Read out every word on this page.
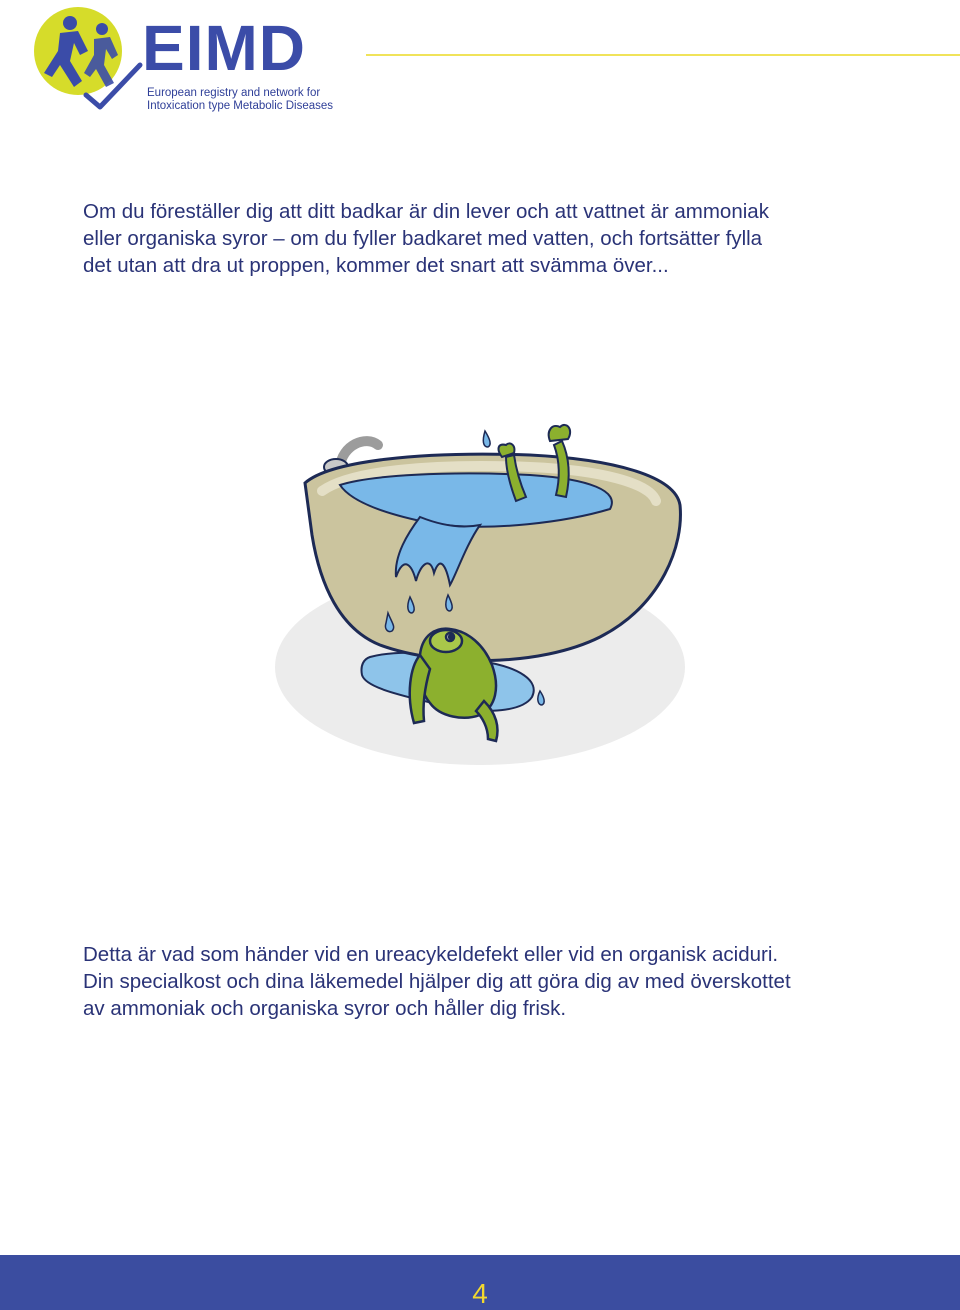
EIMD
European registry and network for
Intoxication type Metabolic Diseases

Om du föreställer dig att ditt badkar är din lever och att vattnet är ammoniak
eller organiska syror – om du fyller badkaret med vatten, och fortsätter fylla
det utan att dra ut proppen, kommer det snart att svämma över...

Detta är vad som händer vid en ureacykeldefekt eller vid en organisk aciduri.
Din specialkost och dina läkemedel hjälper dig att göra dig av med överskottet
av ammoniak och organiska syror och håller dig frisk.

4
